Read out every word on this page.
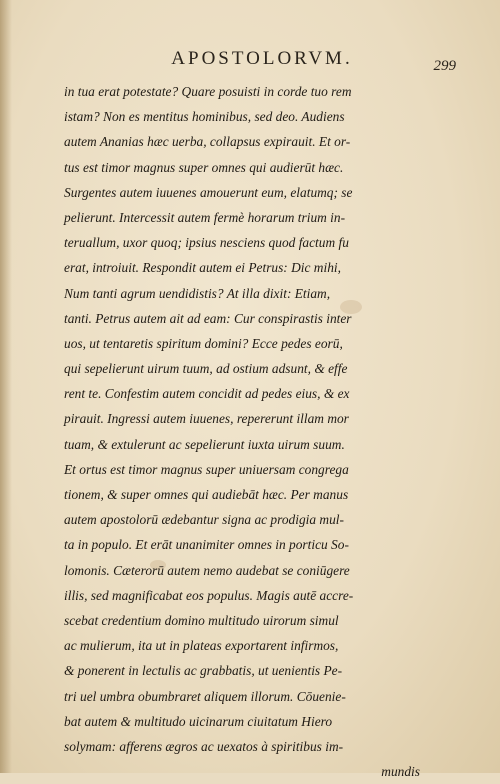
APOSTOLORVM.	299
in tua erat potestate? Quare posuisti in corde tuo rem
istam? Non es mentitus hominibus, sed deo. Audiens
autem Ananias hæc uerba, collapsus expirauit. Et or-
tus est timor magnus super omnes qui audierūt hæc.
Surgentes autem iuuenes amouerunt eum, elatumq; se
pelierunt. Intercessit autem fermè horarum trium in-
teruallum, uxor quoq; ipsius nesciens quod factum fu
erat, introiuit. Respondit autem ei Petrus: Dic mihi,
Num tanti agrum uendidistis? At illa dixit: Etiam,
tanti. Petrus autem ait ad eam: Cur conspirastis inter
uos, ut tentaretis spiritum domini? Ecce pedes eorū,
qui sepelierunt uirum tuum, ad ostium adsunt, & effe
rent te. Confestim autem concidit ad pedes eius, & ex
pirauit. Ingressi autem iuuenes, repererunt illam mor
tuam, & extulerunt ac sepelierunt iuxta uirum suum.
Et ortus est timor magnus super uniuersam congrega
tionem, & super omnes qui audiebāt hæc. Per manus
autem apostolorū ædebantur signa ac prodigia mul-
ta in populo. Et erāt unanimiter omnes in porticu So-
lomonis. Cæterorū autem nemo audebat se coniūgere
illis, sed magnificabat eos populus. Magis autē accre-
scebat credentium domino multitudo uirorum simul
ac mulierum, ita ut in plateas exportarent infirmos,
& ponerent in lectulis ac grabbatis, ut uenientis Pe-
tri uel umbra obumbraret aliquem illorum. Cōuenie-
bat autem & multitudo uicinarum ciuitatum Hiero
solymam: afferens ægros ac uexatos à spiritibus im-
mundis
